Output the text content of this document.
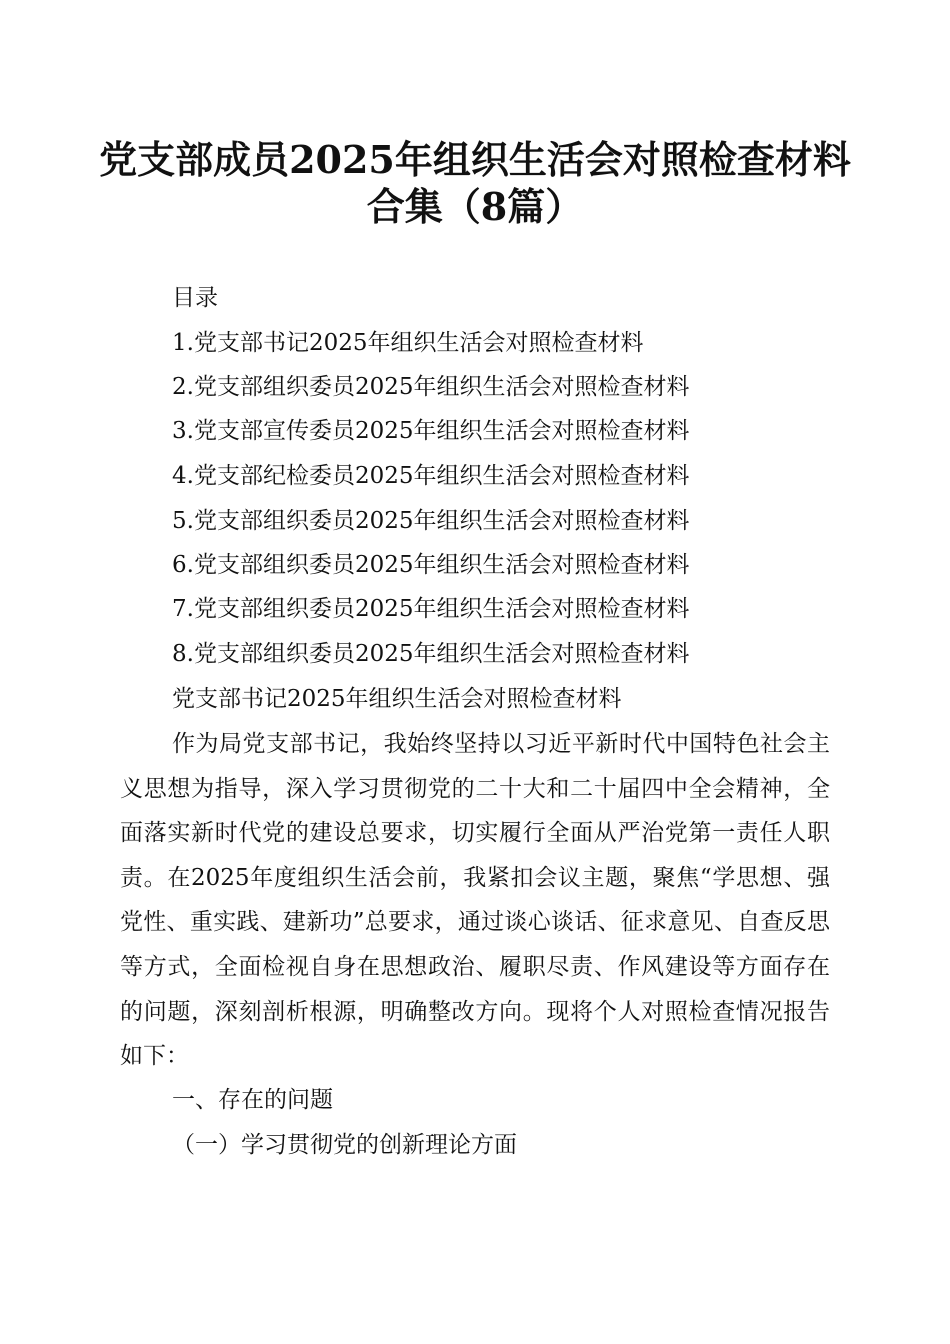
党支部成员2025年组织生活会对照检查材料
合集（8篇）
目录
1.党支部书记2025年组织生活会对照检查材料
2.党支部组织委员2025年组织生活会对照检查材料
3.党支部宣传委员2025年组织生活会对照检查材料
4.党支部纪检委员2025年组织生活会对照检查材料
5.党支部组织委员2025年组织生活会对照检查材料
6.党支部组织委员2025年组织生活会对照检查材料
7.党支部组织委员2025年组织生活会对照检查材料
8.党支部组织委员2025年组织生活会对照检查材料
党支部书记2025年组织生活会对照检查材料

作为局党支部书记，我始终坚持以习近平新时代中国特色社会主义思想为指导，深入学习贯彻党的二十大和二十届四中全会精神，全面落实新时代党的建设总要求，切实履行全面从严治党第一责任人职责。在2025年度组织生活会前，我紧扣会议主题，聚焦“学思想、强党性、重实践、建新功”总要求，通过谈心谈话、征求意见、自查反思等方式，全面检视自身在思想政治、履职尽责、作风建设等方面存在的问题，深刻剖析根源，明确整改方向。现将个人对照检查情况报告如下：

一、存在的问题
（一）学习贯彻党的创新理论方面
